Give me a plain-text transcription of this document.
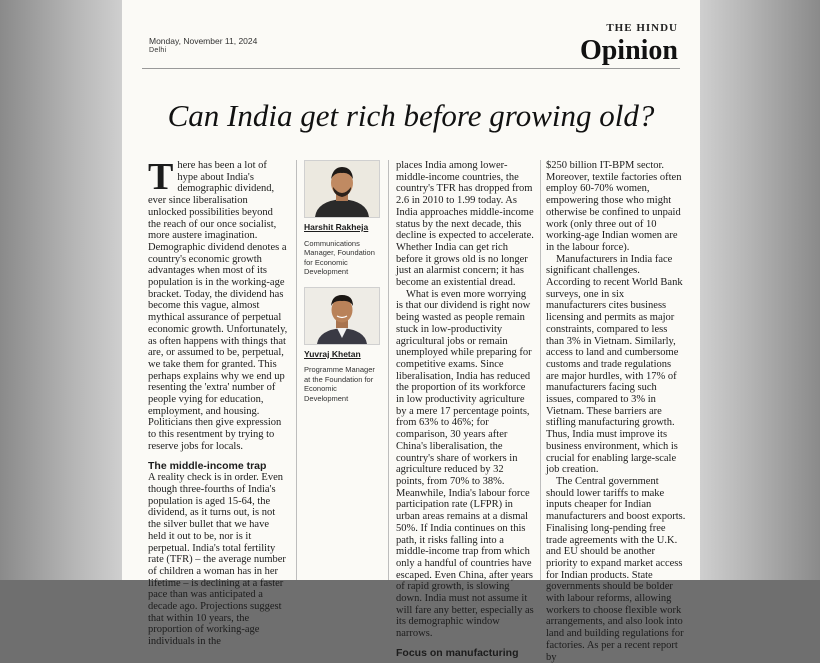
Monday, November 11, 2024
Delhi
THE HINDU
Opinion
Can India get rich before growing old?

There has been a lot of hype about India's demographic dividend, ever since liberalisation unlocked possibilities beyond the reach of our once socialist, more austere imagination. Demographic dividend denotes a country's economic growth advantages when most of its population is in the working-age bracket. Today, the dividend has become this vague, almost mythical assurance of perpetual economic growth. Unfortunately, as often happens with things that are, or assumed to be, perpetual, we take them for granted. This perhaps explains why we end up resenting the 'extra' number of people vying for education, employment, and housing. Politicians then give expression to this resentment by trying to reserve jobs for locals.

The middle-income trap

A reality check is in order. Even though three-fourths of India's population is aged 15-64, the dividend, as it turns out, is not the silver bullet that we have held it out to be, nor is it perpetual. India's total fertility rate (TFR) – the average number of children a woman has in her lifetime – is declining at a faster pace than was anticipated a decade ago. Projections suggest that within 10 years, the proportion of working-age individuals in the

Harshit Rakheja
Communications Manager, Foundation for Economic Development
Yuvraj Khetan
Programme Manager at the Foundation for Economic Development

places India among lower-middle-income countries, the country's TFR has dropped from 2.6 in 2010 to 1.99 today. As India approaches middle-income status by the next decade, this decline is expected to accelerate. Whether India can get rich before it grows old is no longer just an alarmist concern; it has become an existential dread.

What is even more worrying is that our dividend is right now being wasted as people remain stuck in low-productivity agricultural jobs or remain unemployed while preparing for competitive exams. Since liberalisation, India has reduced the proportion of its workforce in low productivity agriculture by a mere 17 percentage points, from 63% to 46%; for comparison, 30 years after China's liberalisation, the country's share of workers in agriculture reduced by 32 points, from 70% to 38%. Meanwhile, India's labour force participation rate (LFPR) in urban areas remains at a dismal 50%. If India continues on this path, it risks falling into a middle-income trap from which only a handful of countries have escaped. Even China, after years of rapid growth, is slowing down. India must not assume it will fare any better, especially as its demographic window narrows.

Focus on manufacturing

$250 billion IT-BPM sector. Moreover, textile factories often employ 60-70% women, empowering those who might otherwise be confined to unpaid work (only three out of 10 working-age Indian women are in the labour force).

Manufacturers in India face significant challenges. According to recent World Bank surveys, one in six manufacturers cites business licensing and permits as major constraints, compared to less than 3% in Vietnam. Similarly, access to land and cumbersome customs and trade regulations are major hurdles, with 17% of manufacturers facing such issues, compared to 3% in Vietnam. These barriers are stifling manufacturing growth. Thus, India must improve its business environment, which is crucial for enabling large-scale job creation.

The Central government should lower tariffs to make inputs cheaper for Indian manufacturers and boost exports. Finalising long-pending free trade agreements with the U.K. and EU should be another priority to expand market access for Indian products. State governments should be bolder with labour reforms, allowing workers to choose flexible work arrangements, and also look into land and building regulations for factories. As per a recent report by
